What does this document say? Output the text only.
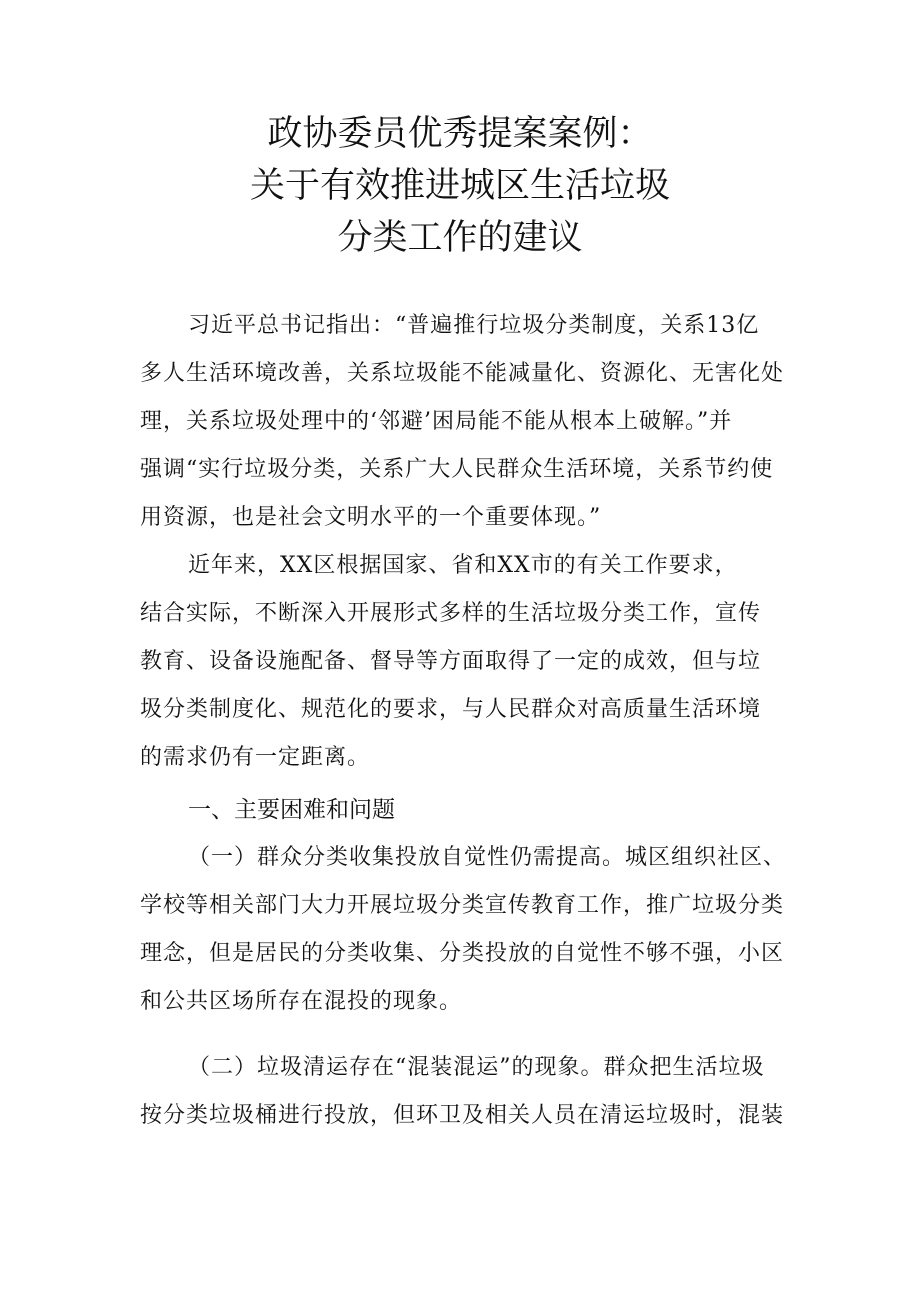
政协委员优秀提案案例：
关于有效推进城区生活垃圾
分类工作的建议
习近平总书记指出：“普遍推行垃圾分类制度，关系13亿
多人生活环境改善，关系垃圾能不能减量化、资源化、无害化处
理，关系垃圾处理中的‘邻避’困局能不能从根本上破解。”并
强调“实行垃圾分类，关系广大人民群众生活环境，关系节约使
用资源，也是社会文明水平的一个重要体现。”
近年来，XX区根据国家、省和XX市的有关工作要求，
结合实际，不断深入开展形式多样的生活垃圾分类工作，宣传
教育、设备设施配备、督导等方面取得了一定的成效，但与垃
圾分类制度化、规范化的要求，与人民群众对高质量生活环境
的需求仍有一定距离。
一、主要困难和问题
（一）群众分类收集投放自觉性仍需提高。城区组织社区、
学校等相关部门大力开展垃圾分类宣传教育工作，推广垃圾分类
理念，但是居民的分类收集、分类投放的自觉性不够不强，小区
和公共区场所存在混投的现象。
（二）垃圾清运存在“混装混运”的现象。群众把生活垃圾
按分类垃圾桶进行投放，但环卫及相关人员在清运垃圾时，混装
